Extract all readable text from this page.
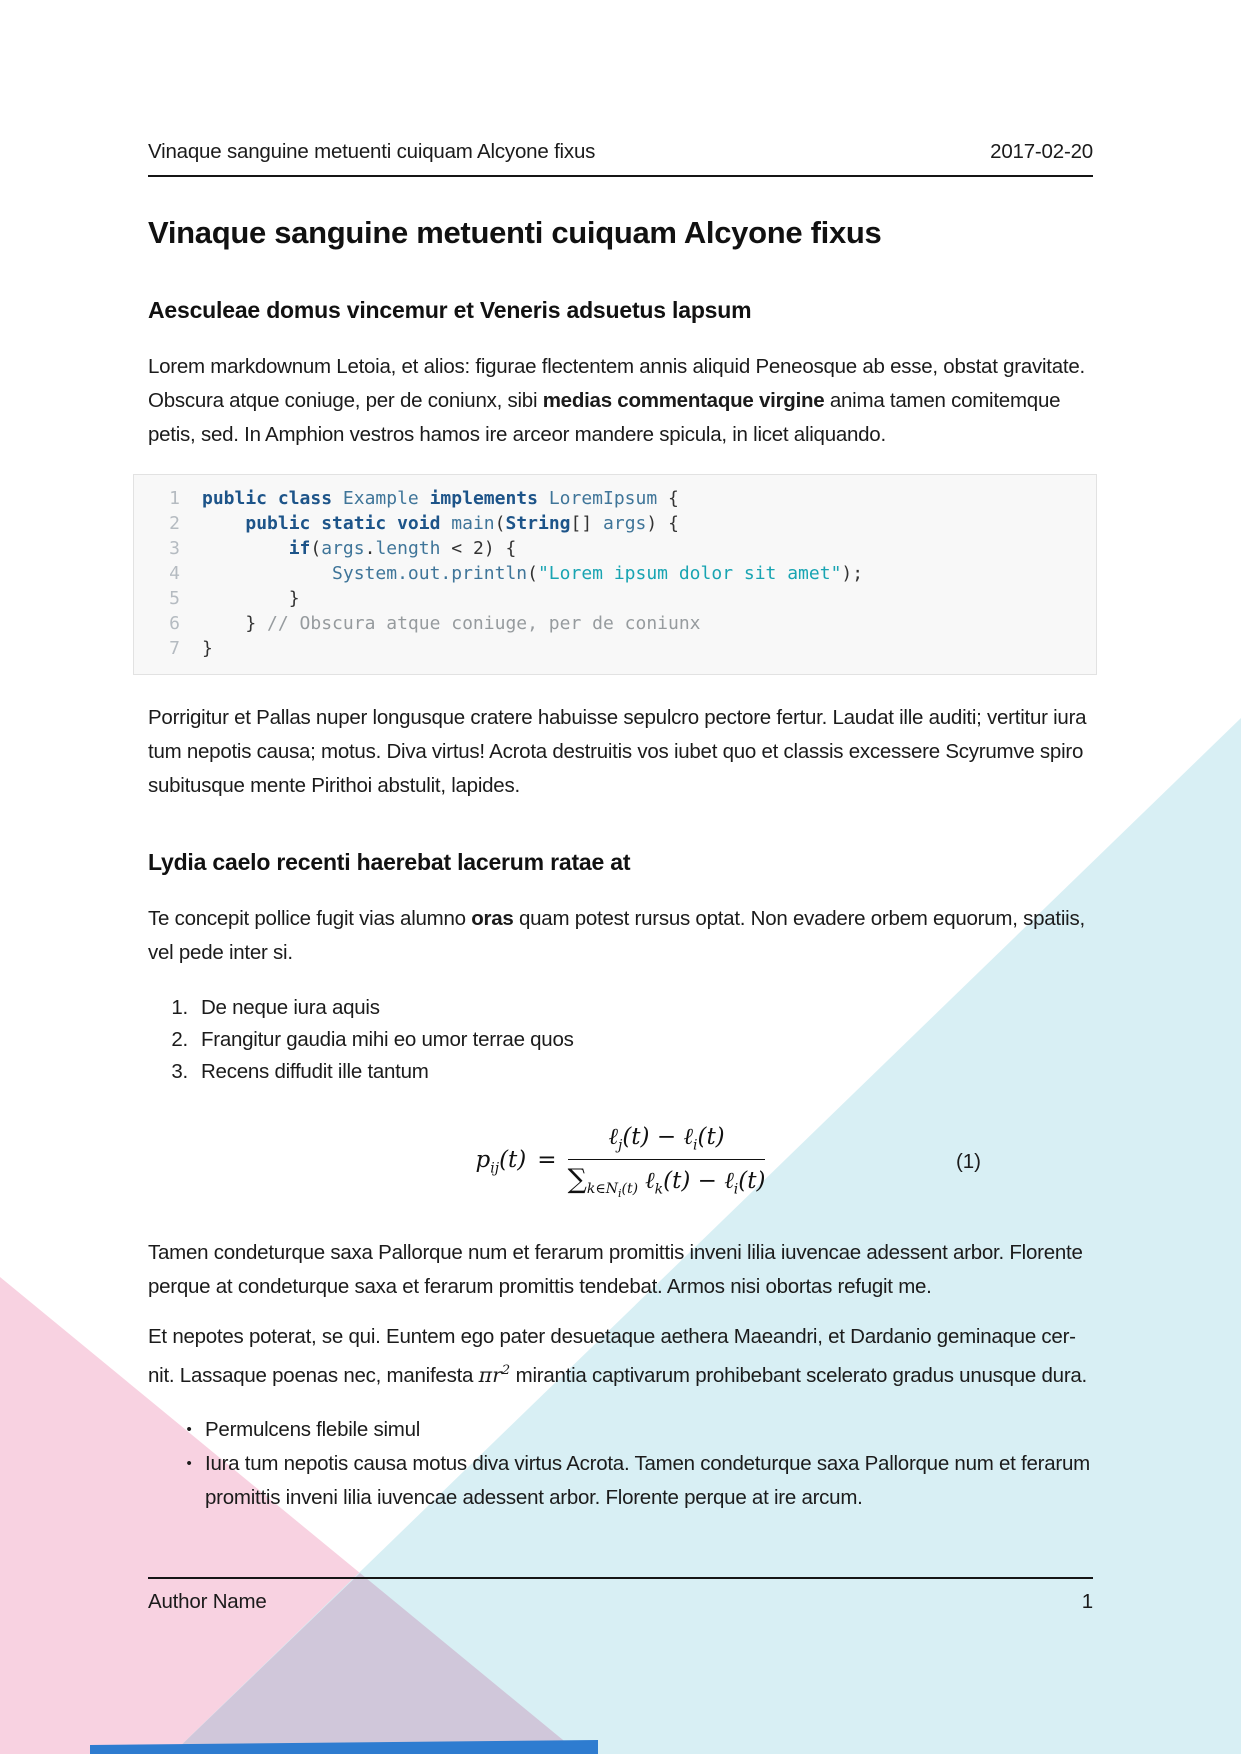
Vinaque sanguine metuenti cuiquam Alcyone fixus	2017-02-20
Vinaque sanguine metuenti cuiquam Alcyone fixus
Aesculeae domus vincemur et Veneris adsuetus lapsum

Lorem markdownum Letoia, et alios: figurae flectentem annis aliquid Peneosque ab esse, obstat gravitate. Obscura atque coniuge, per de coniunx, sibi medias commentaque virgine anima tamen comitemque petis, sed. In Amphion vestros hamos ire arceor mandere spicula, in licet aliquando.

1 public class Example implements LoremIpsum {
2	public static void main(String[] args) {
3	if(args.length < 2) {
4	System.out.println("Lorem ipsum dolor sit amet");
5 }
6 } // Obscura atque coniuge, per de coniunx
7 }

Porrigitur et Pallas nuper longusque cratere habuisse sepulcro pectore fertur. Laudat ille auditi; vertitur iura tum nepotis causa; motus. Diva virtus! Acrota destruitis vos iubet quo et classis excessere Scyrumve spiro subitusque mente Pirithoi abstulit, lapides.

Lydia caelo recenti haerebat lacerum ratae at

Te concepit pollice fugit vias alumno oras quam potest rursus optat. Non evadere orbem equorum, spatiis, vel pede inter si.

1. De neque iura aquis
2. Frangitur gaudia mihi eo umor terrae quos
3. Recens diffudit ille tantum
$p_{ij}(t) = \frac{\ell_j(t) - \ell_i(t)}{\sum_{k\in N_i(t)} \ell_k(t) - \ell_i(t)}$	(1)

Tamen condeturque saxa Pallorque num et ferarum promittis inveni lilia iuvencae adessent arbor. Florente perque at condeturque saxa et ferarum promittis tendebat. Armos nisi obortas refugit me.

Et nepotes poterat, se qui. Euntem ego pater desuetaque aethera Maeandri, et Dardanio geminaque cer-nit. Lassaque poenas nec, manifesta $\pi r^2$ mirantia captivarum prohibebant scelerato gradus unusque dura.

• Permulcens flebile simul
• Iura tum nepotis causa motus diva virtus Acrota. Tamen condeturque saxa Pallorque num et ferarum promittis inveni lilia iuvencae adessent arbor. Florente perque at ire arcum.
Author Name	1
